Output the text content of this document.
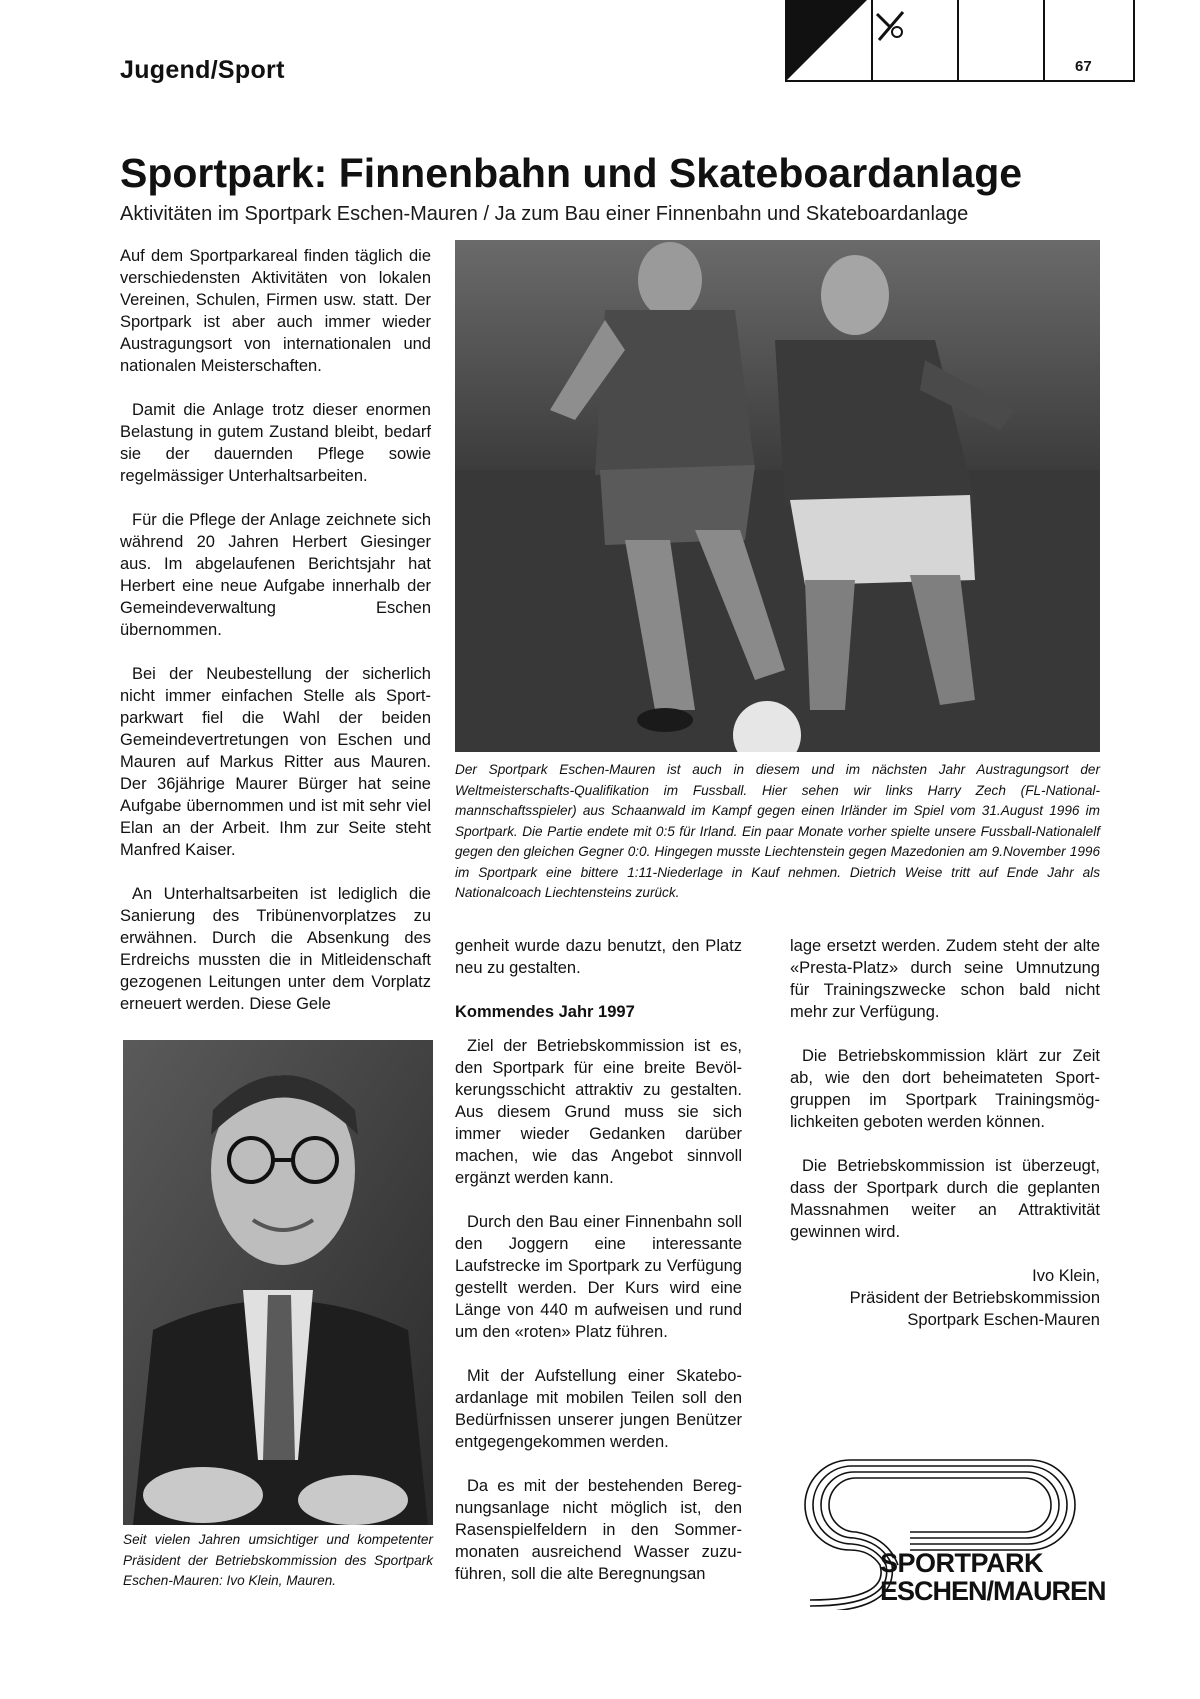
Jugend/Sport	67
Sportpark: Finnenbahn und Skateboardanlage
Aktivitäten im Sportpark Eschen-Mauren / Ja zum Bau einer Finnenbahn und Skateboardanlage

Auf dem Sportparkareal finden täglich die verschiedensten Aktivitäten von lokalen Vereinen, Schulen, Firmen usw. statt. Der Sportpark ist aber auch immer wieder Austragungsort von internationalen und nationalen Meisterschaften.

Damit die Anlage trotz dieser enormen Belastung in gutem Zustand bleibt, bedarf sie der dauernden Pflege sowie regelmässiger Unterhaltsarbeiten.

Für die Pflege der Anlage zeichnete sich während 20 Jahren Herbert Giesinger aus. Im abgelaufenen Berichtsjahr hat Herbert eine neue Aufgabe innerhalb der Gemeindeverwaltung Eschen übernommen.

Bei der Neubestellung der sicherlich nicht immer einfachen Stelle als Sportparkwart fiel die Wahl der beiden Gemeindevertretungen von Eschen und Mauren auf Markus Ritter aus Mauren. Der 36jährige Maurer Bürger hat seine Aufgabe übernommen und ist mit sehr viel Elan an der Arbeit. Ihm zur Seite steht Manfred Kaiser.

An Unterhaltsarbeiten ist lediglich die Sanierung des Tribünenvorplatzes zu erwähnen. Durch die Absenkung des Erdreichs mussten die in Mitleidenschaft gezogenen Leitungen unter dem Vorplatz erneuert werden. Diese Gele

Der Sportpark Eschen-Mauren ist auch in diesem und im nächsten Jahr Austragungsort der Weltmeisterschafts-Qualifikation im Fussball. Hier sehen wir links Harry Zech (FL-Nationalmannschaftsspieler) aus Schaanwald im Kampf gegen einen Irländer im Spiel vom 31.August 1996 im Sportpark. Die Partie endete mit 0:5 für Irland. Ein paar Monate vorher spielte unsere Fussball-Nationalelf gegen den gleichen Gegner 0:0. Hingegen musste Liechtenstein gegen Mazedonien am 9.November 1996 im Sportpark eine bittere 1:11-Niederlage in Kauf nehmen. Dietrich Weise tritt auf Ende Jahr als Nationalcoach Liechtensteins zurück.
Seit vielen Jahren umsichtiger und kompetenter Präsident der Betriebskommission des Sportpark Eschen-Mauren: Ivo Klein, Mauren.

genheit wurde dazu benutzt, den Platz neu zu gestalten.

Kommendes Jahr 1997

Ziel der Betriebskommission ist es, den Sportpark für eine breite Bevölkerungsschicht attraktiv zu gestalten. Aus diesem Grund muss sie sich immer wieder Gedanken darüber machen, wie das Angebot sinnvoll ergänzt werden kann.

Durch den Bau einer Finnenbahn soll den Joggern eine interessante Laufstrecke im Sportpark zu Verfügung gestellt werden. Der Kurs wird eine Länge von 440 m aufweisen und rund um den «roten» Platz führen.

Mit der Aufstellung einer Skateboardanlage mit mobilen Teilen soll den Bedürfnissen unserer jungen Benützer entgegengekommen werden.

Da es mit der bestehenden Beregnungsanlage nicht möglich ist, den Rasenspielfeldern in den Sommermonaten ausreichend Wasser zuzuführen, soll die alte Beregnungsan

lage ersetzt werden. Zudem steht der alte «Presta-Platz» durch seine Umnutzung für Trainingszwecke schon bald nicht mehr zur Verfügung.

Die Betriebskommission klärt zur Zeit ab, wie den dort beheimateten Sportgruppen im Sportpark Trainingsmöglichkeiten geboten werden können.

Die Betriebskommission ist überzeugt, dass der Sportpark durch die geplanten Massnahmen weiter an Attraktivität gewinnen wird.

Ivo Klein,
Präsident der Betriebskommission
Sportpark Eschen-Mauren
SPORTPARK
ESCHEN/MAUREN
